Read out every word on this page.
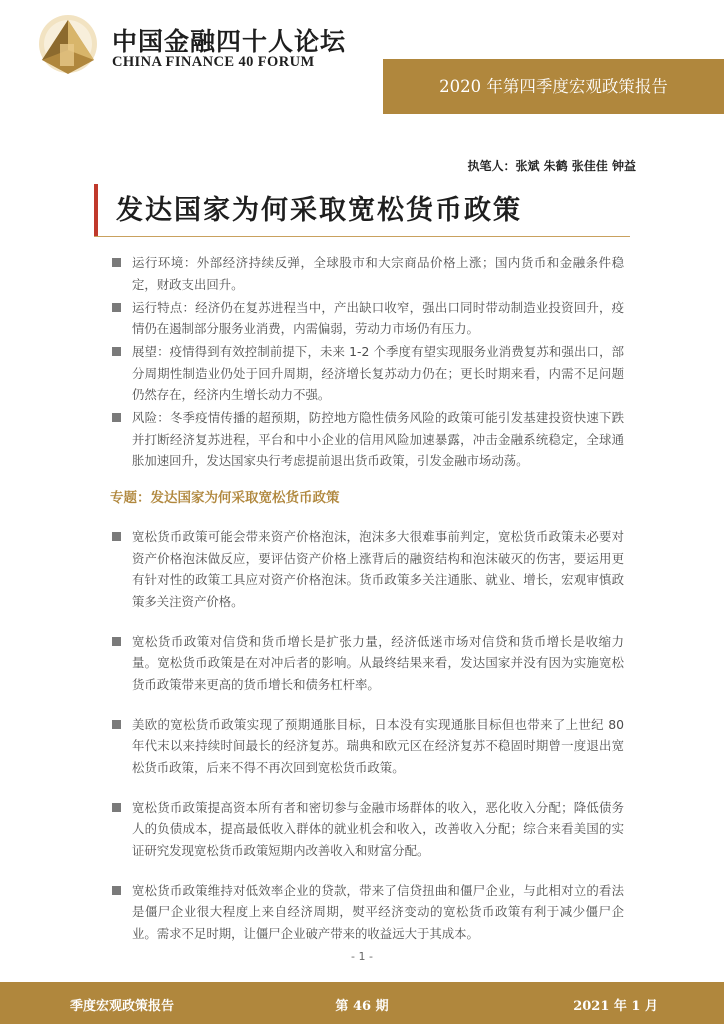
中国金融四十人论坛
CHINA FINANCE 40 FORUM
2020 年第四季度宏观政策报告
执笔人：张斌 朱鹤 张佳佳 钟益
发达国家为何采取宽松货币政策
运行环境：外部经济持续反弹，全球股市和大宗商品价格上涨；国内货币和金融条件稳定，财政支出回升。
运行特点：经济仍在复苏进程当中，产出缺口收窄，强出口同时带动制造业投资回升，疫情仍在遏制部分服务业消费，内需偏弱，劳动力市场仍有压力。
展望：疫情得到有效控制前提下，未来 1-2 个季度有望实现服务业消费复苏和强出口，部分周期性制造业仍处于回升周期，经济增长复苏动力仍在；更长时期来看，内需不足问题仍然存在，经济内生增长动力不强。
风险：冬季疫情传播的超预期，防控地方隐性债务风险的政策可能引发基建投资快速下跌并打断经济复苏进程，平台和中小企业的信用风险加速暴露，冲击金融系统稳定，全球通胀加速回升，发达国家央行考虑提前退出货币政策，引发金融市场动荡。
专题：发达国家为何采取宽松货币政策
宽松货币政策可能会带来资产价格泡沫，泡沫多大很难事前判定，宽松货币政策未必要对资产价格泡沫做反应，要评估资产价格上涨背后的融资结构和泡沫破灭的伤害，要运用更有针对性的政策工具应对资产价格泡沫。货币政策多关注通胀、就业、增长，宏观审慎政策多关注资产价格。
宽松货币政策对信贷和货币增长是扩张力量，经济低迷市场对信贷和货币增长是收缩力量。宽松货币政策是在对冲后者的影响。从最终结果来看，发达国家并没有因为实施宽松货币政策带来更高的货币增长和债务杠杆率。
美欧的宽松货币政策实现了预期通胀目标，日本没有实现通胀目标但也带来了上世纪 80 年代末以来持续时间最长的经济复苏。瑞典和欧元区在经济复苏不稳固时期曾一度退出宽松货币政策，后来不得不再次回到宽松货币政策。
宽松货币政策提高资本所有者和密切参与金融市场群体的收入，恶化收入分配；降低债务人的负债成本，提高最低收入群体的就业机会和收入，改善收入分配；综合来看美国的实证研究发现宽松货币政策短期内改善收入和财富分配。
宽松货币政策维持对低效率企业的贷款，带来了信贷扭曲和僵尸企业，与此相对立的看法是僵尸企业很大程度上来自经济周期，熨平经济变动的宽松货币政策有利于减少僵尸企业。需求不足时期，让僵尸企业破产带来的收益远大于其成本。
- 1 -
季度宏观政策报告	第 46 期	2021 年 1 月
